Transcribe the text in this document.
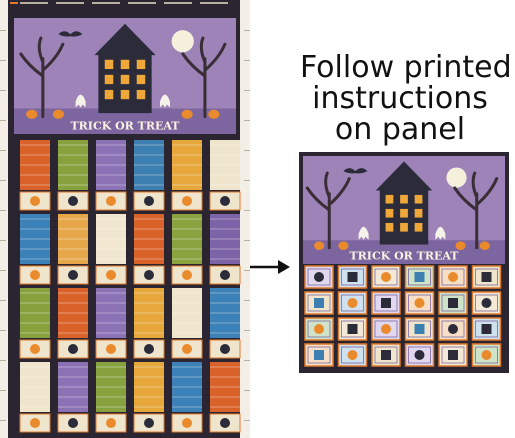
TRICK OR TREAT
Follow printed
instructions
on panel
TRICK OR TREAT
